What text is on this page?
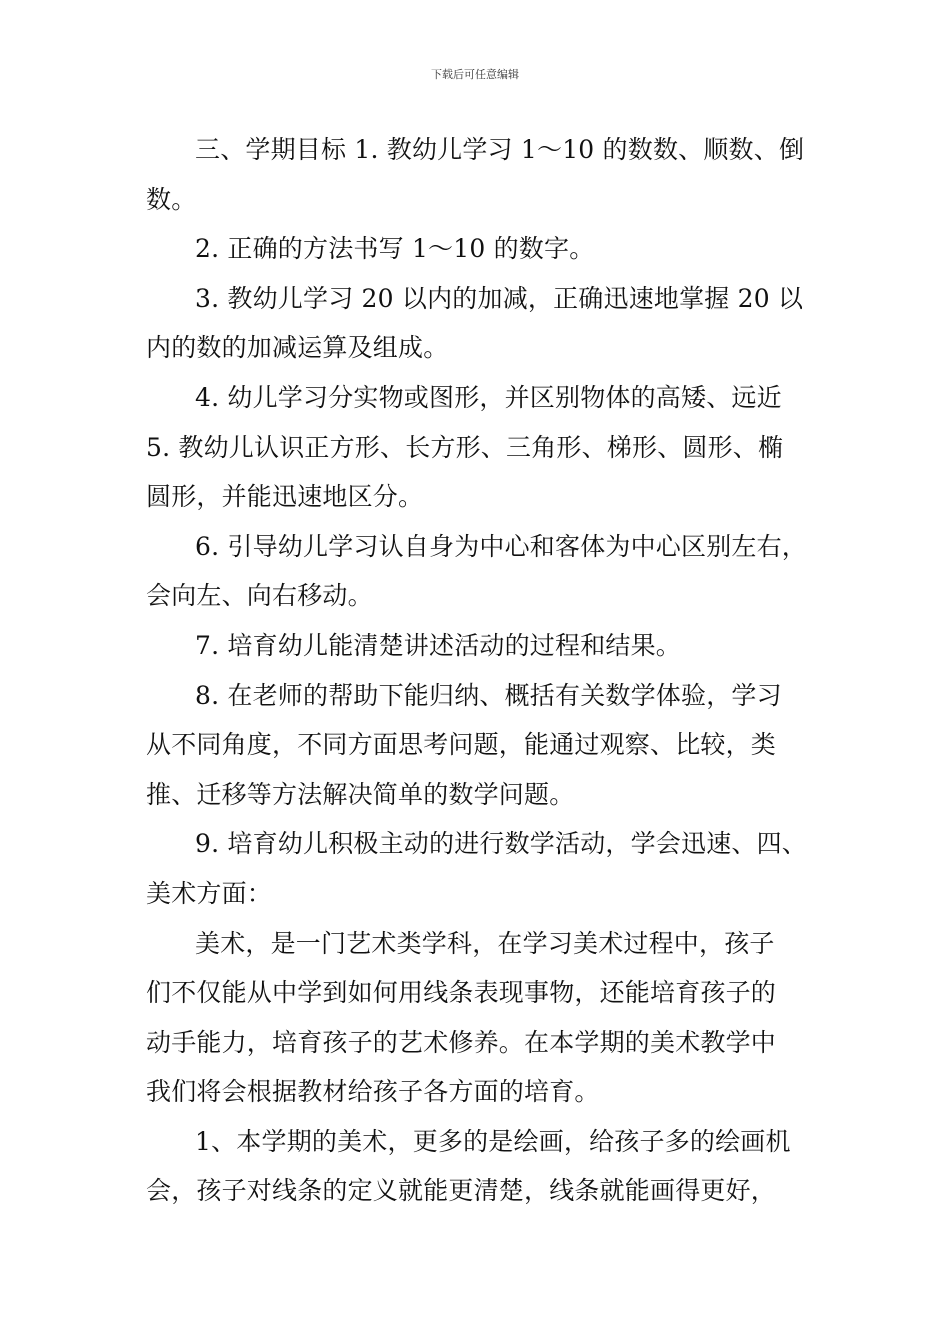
下载后可任意编辑
三、学期目标 1. 教幼儿学习 1～10 的数数、顺数、倒
数。
2. 正确的方法书写 1～10 的数字。
3. 教幼儿学习 20 以内的加减，正确迅速地掌握 20 以
内的数的加减运算及组成。
4. 幼儿学习分实物或图形，并区别物体的高矮、远近
5. 教幼儿认识正方形、长方形、三角形、梯形、圆形、椭
圆形，并能迅速地区分。
6. 引导幼儿学习认自身为中心和客体为中心区别左右，
会向左、向右移动。
7. 培育幼儿能清楚讲述活动的过程和结果。
8. 在老师的帮助下能归纳、概括有关数学体验，学习
从不同角度，不同方面思考问题，能通过观察、比较，类
推、迁移等方法解决简单的数学问题。
9. 培育幼儿积极主动的进行数学活动，学会迅速、四、
美术方面：
美术，是一门艺术类学科，在学习美术过程中，孩子
们不仅能从中学到如何用线条表现事物，还能培育孩子的
动手能力，培育孩子的艺术修养。在本学期的美术教学中
我们将会根据教材给孩子各方面的培育。
1、本学期的美术，更多的是绘画，给孩子多的绘画机
会，孩子对线条的定义就能更清楚，线条就能画得更好，
